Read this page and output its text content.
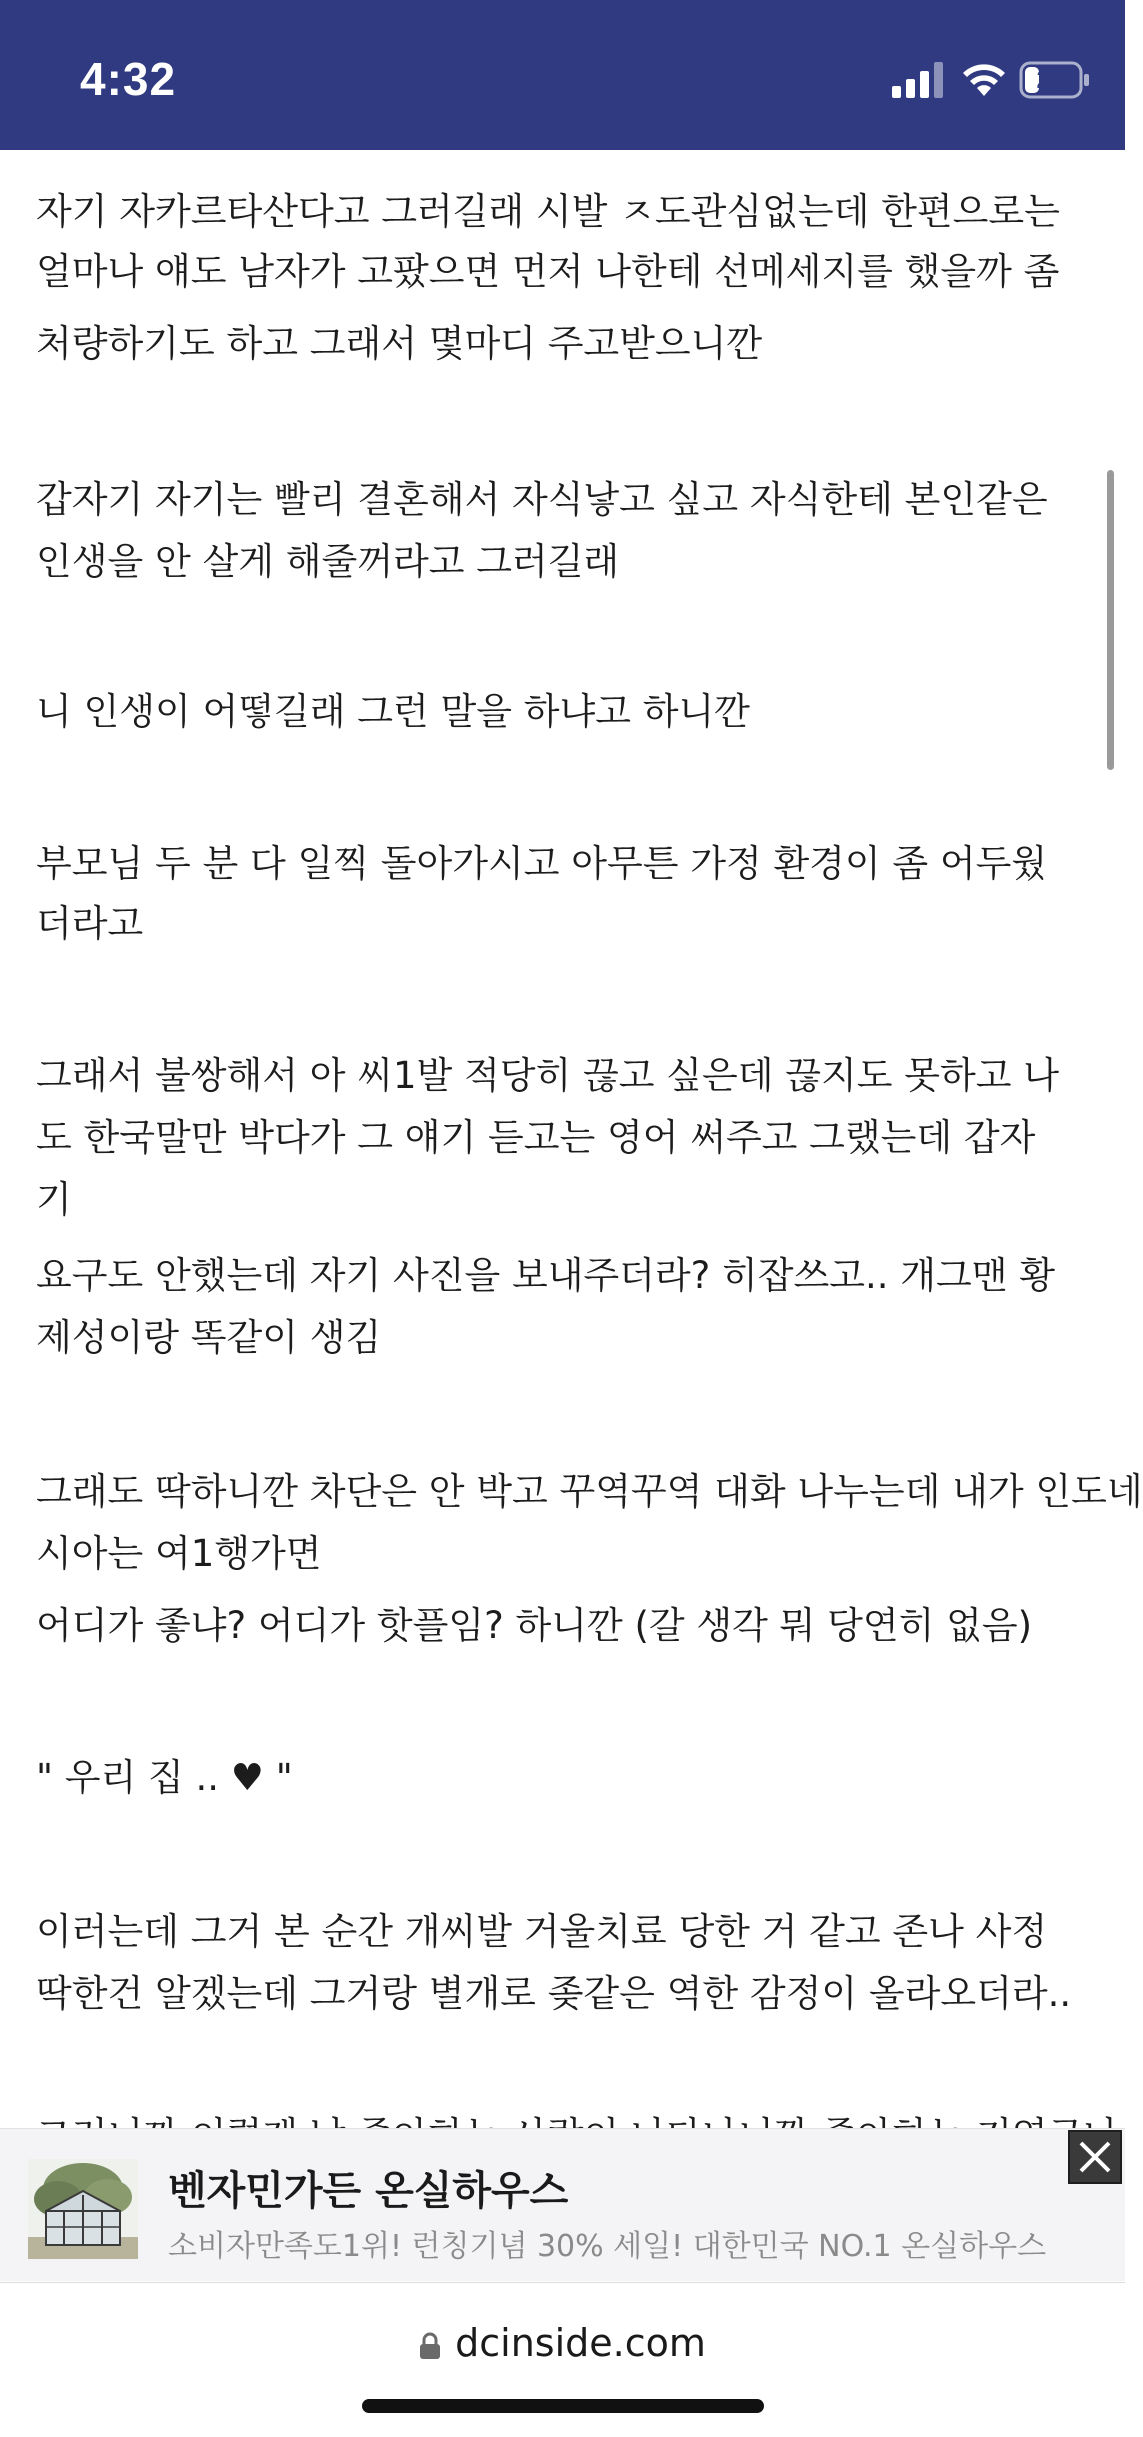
4:32	25
자기 자카르타산다고 그러길래 시발 ㅈ도관심없는데 한편으로는
얼마나 얘도 남자가 고팠으면 먼저 나한테 선메세지를 했을까 좀
처량하기도 하고 그래서 몇마디 주고받으니깐
갑자기 자기는 빨리 결혼해서 자식낳고 싶고 자식한테 본인같은
인생을 안 살게 해줄꺼라고 그러길래
니 인생이 어떻길래 그런 말을 하냐고 하니깐
부모님 두 분 다 일찍 돌아가시고 아무튼 가정 환경이 좀 어두웠
더라고
그래서 불쌍해서 아 씨1발 적당히 끊고 싶은데 끊지도 못하고 나
도 한국말만 박다가 그 얘기 듣고는 영어 써주고 그랬는데 갑자
기
요구도 안했는데 자기 사진을 보내주더라? 히잡쓰고.. 개그맨 황
제성이랑 똑같이 생김
그래도 딱하니깐 차단은 안 박고 꾸역꾸역 대화 나누는데 내가 인도네
시아는 여1행가면
어디가 좋냐? 어디가 핫플임? 하니깐 (갈 생각 뭐 당연히 없음)
" 우리 집 .. ♥ "
이러는데 그거 본 순간 개씨발 거울치료 당한 거 같고 존나 사정
딱한건 알겠는데 그거랑 별개로 좆같은 역한 감정이 올라오더라..
벤자민가든 온실하우스
소비자만족도1위! 런칭기념 30% 세일! 대한민국 NO.1 온실하우스
dcinside.com
